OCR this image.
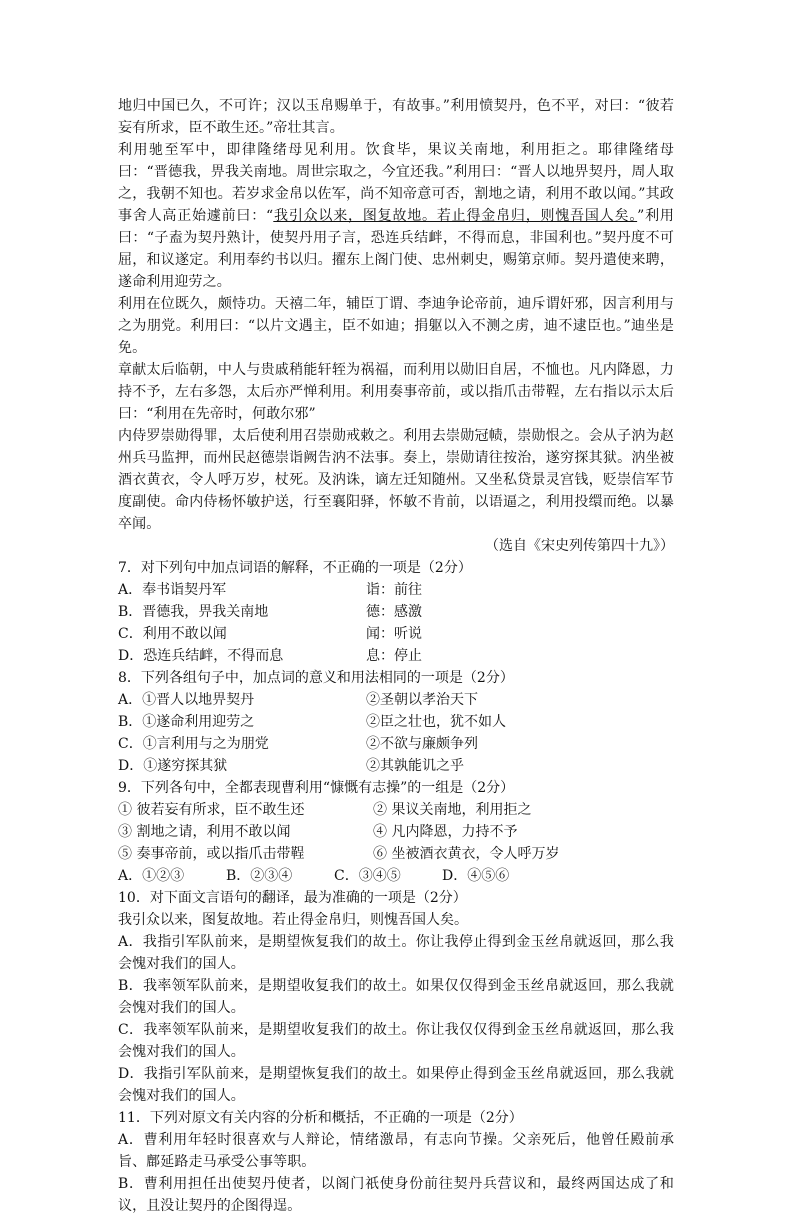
地归中国已久，不可许；汉以玉帛赐单于，有故事。”利用愤契丹，色不平，对曰：“彼若妄有所求，臣不敢生还。”帝壮其言。

利用驰至军中，即律隆绪母见利用。饮食毕，果议关南地，利用拒之。耶律隆绪母曰：“晋德我，畀我关南地。周世宗取之，今宜还我。”利用曰：“晋人以地畀契丹，周人取之，我朝不知也。若岁求金帛以佐军，尚不知帝意可否，割地之请，利用不敢以闻。”其政事舍人高正始遽前曰：“我引众以来，图复故地。若止得金帛归，则愧吾国人矣。”利用曰：“子盍为契丹熟计，使契丹用子言，恐连兵结衅，不得而息，非国利也。”契丹度不可屈，和议遂定。利用奉约书以归。擢东上阁门使、忠州刺史，赐第京师。契丹遣使来聘，遂命利用迎劳之。

利用在位既久，颇恃功。天禧二年，辅臣丁谓、李迪争论帝前，迪斥谓奸邪，因言利用与之为朋党。利用曰：“以片文遇主，臣不如迪；捐躯以入不测之虏，迪不逮臣也。”迪坐是免。

章献太后临朝，中人与贵戚稍能轩轾为祸福，而利用以勋旧自居，不恤也。凡内降恩，力持不予，左右多怨，太后亦严惮利用。利用奏事帝前，或以指爪击带鞓，左右指以示太后曰：“利用在先帝时，何敢尔邪”

内侍罗崇勋得罪，太后使利用召崇勋戒敕之。利用去崇勋冠帻，崇勋恨之。会从子汭为赵州兵马监押，而州民赵德崇诣阙告汭不法事。奏上，崇勋请往按治，遂穷探其狱。汭坐被酒衣黄衣，令人呼万岁，杖死。及汭诛，谪左迁知随州。又坐私贷景灵宫钱，贬崇信军节度副使。命内侍杨怀敏护送，行至襄阳驿，怀敏不肯前，以语逼之，利用投缳而绝。以暴卒闻。

（选自《宋史列传第四十九》）

7．对下列句中加点词语的解释，不正确的一项是（2分）

A．奉书诣契丹军	诣：前往
B．晋德我，畀我关南地	德：感激
C．利用不敢以闻	闻：听说
D．恐连兵结衅，不得而息	息：停止

8．下列各组句子中，加点词的意义和用法相同的一项是（2分）

A．①晋人以地畀契丹	②圣朝以孝治天下
B．①遂命利用迎劳之	②臣之壮也，犹不如人
C．①言利用与之为朋党	②不欲与廉颇争列
D．①遂穷探其狱	②其孰能讥之乎

9．下列各句中，全都表现曹利用“慷慨有志操”的一组是（2分）

① 彼若妄有所求，臣不敢生还	② 果议关南地，利用拒之
③ 割地之请，利用不敢以闻	④ 凡内降恩，力持不予
⑤ 奏事帝前，或以指爪击带鞓	⑥ 坐被酒衣黄衣，令人呼万岁
A．①②③	B．②③④	C．③④⑤	D．④⑤⑥

10．对下面文言语句的翻译，最为准确的一项是（2分）

我引众以来，图复故地。若止得金帛归，则愧吾国人矣。

A．我指引军队前来，是期望恢复我们的故土。你让我停止得到金玉丝帛就返回，那么我会愧对我们的国人。

B．我率领军队前来，是期望收复我们的故土。如果仅仅得到金玉丝帛就返回，那么我就会愧对我们的国人。

C．我率领军队前来，是期望收复我们的故土。你让我仅仅得到金玉丝帛就返回，那么我会愧对我们的国人。

D．我指引军队前来，是期望恢复我们的故土。如果停止得到金玉丝帛就返回，那么我就会愧对我们的国人。

11．下列对原文有关内容的分析和概括，不正确的一项是（2分）

A．曹利用年轻时很喜欢与人辩论，情绪激昂，有志向节操。父亲死后，他曾任殿前承旨、鄜延路走马承受公事等职。

B．曹利用担任出使契丹使者，以阁门祇使身份前往契丹兵营议和，最终两国达成了和议，且没让契丹的企图得逞。
